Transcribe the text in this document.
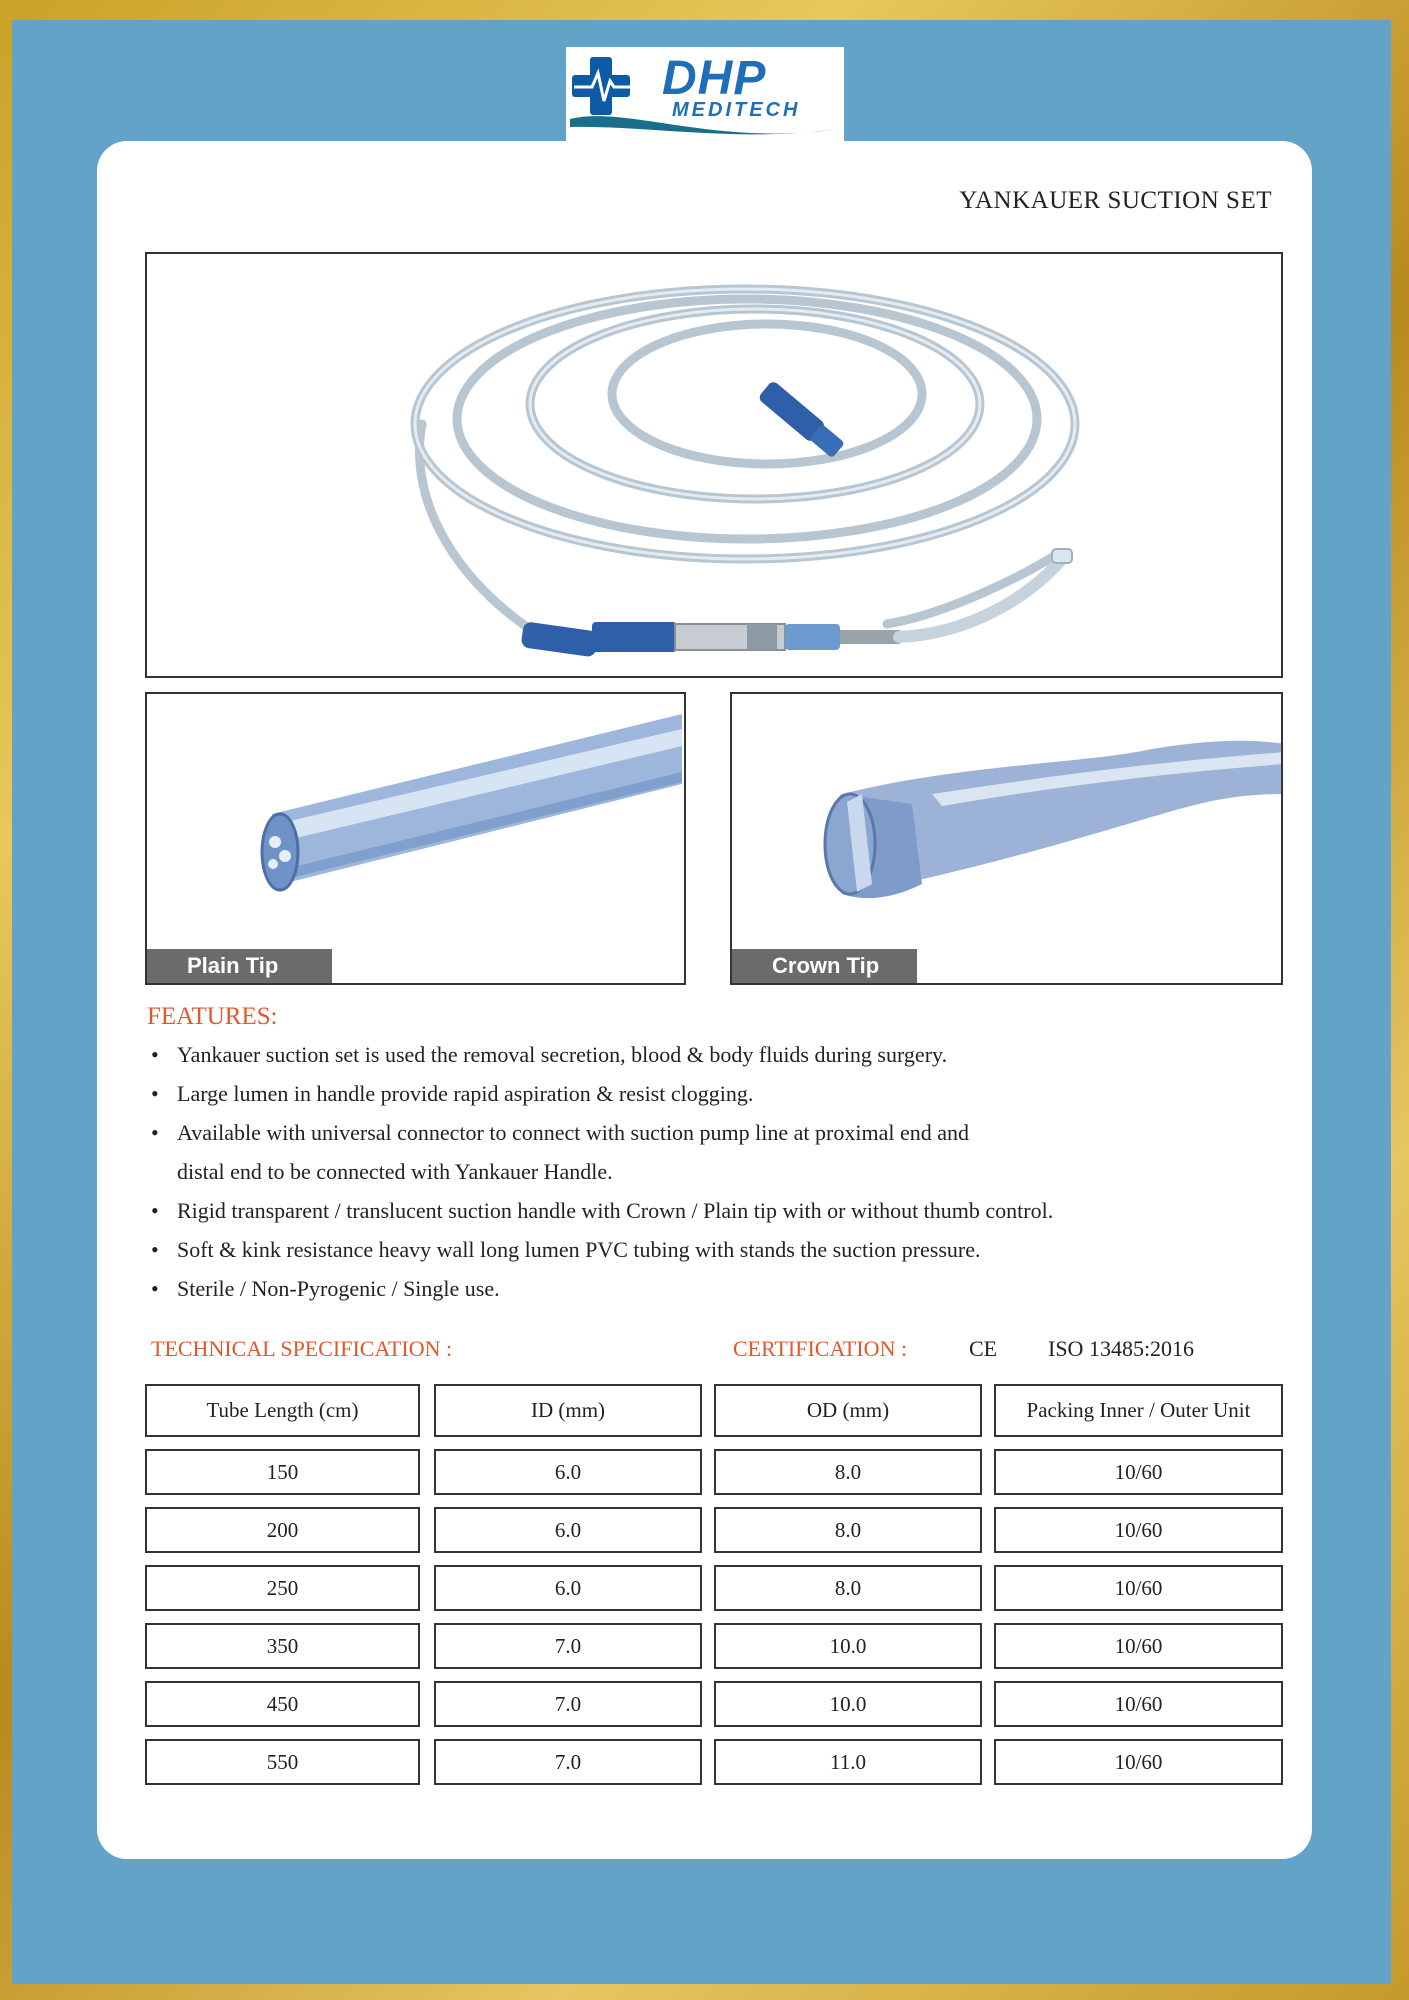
DHP
MEDITECH
YANKAUER SUCTION SET
Plain Tip	Crown Tip
FEATURES:
• Yankauer suction set is used the removal secretion, blood & body fluids during surgery.
• Large lumen in handle provide rapid aspiration & resist clogging.
• Available with universal connector to connect with suction pump line at proximal end and
distal end to be connected with Yankauer Handle.
• Rigid transparent / translucent suction handle with Crown / Plain tip with or without thumb control.
• Soft & kink resistance heavy wall long lumen PVC tubing with stands the suction pressure.
• Sterile / Non-Pyrogenic / Single use.
TECHNICAL SPECIFICATION :	CERTIFICATION :	CE ISO 13485:2016
Tube Length (cm)	ID (mm)	OD (mm)	Packing Inner / Outer Unit
150	6.0	8.0	10/60
200	6.0	8.0	10/60
250	6.0	8.0	10/60
350	7.0	10.0	10/60
450	7.0	10.0	10/60
550	7.0	11.0	10/60
